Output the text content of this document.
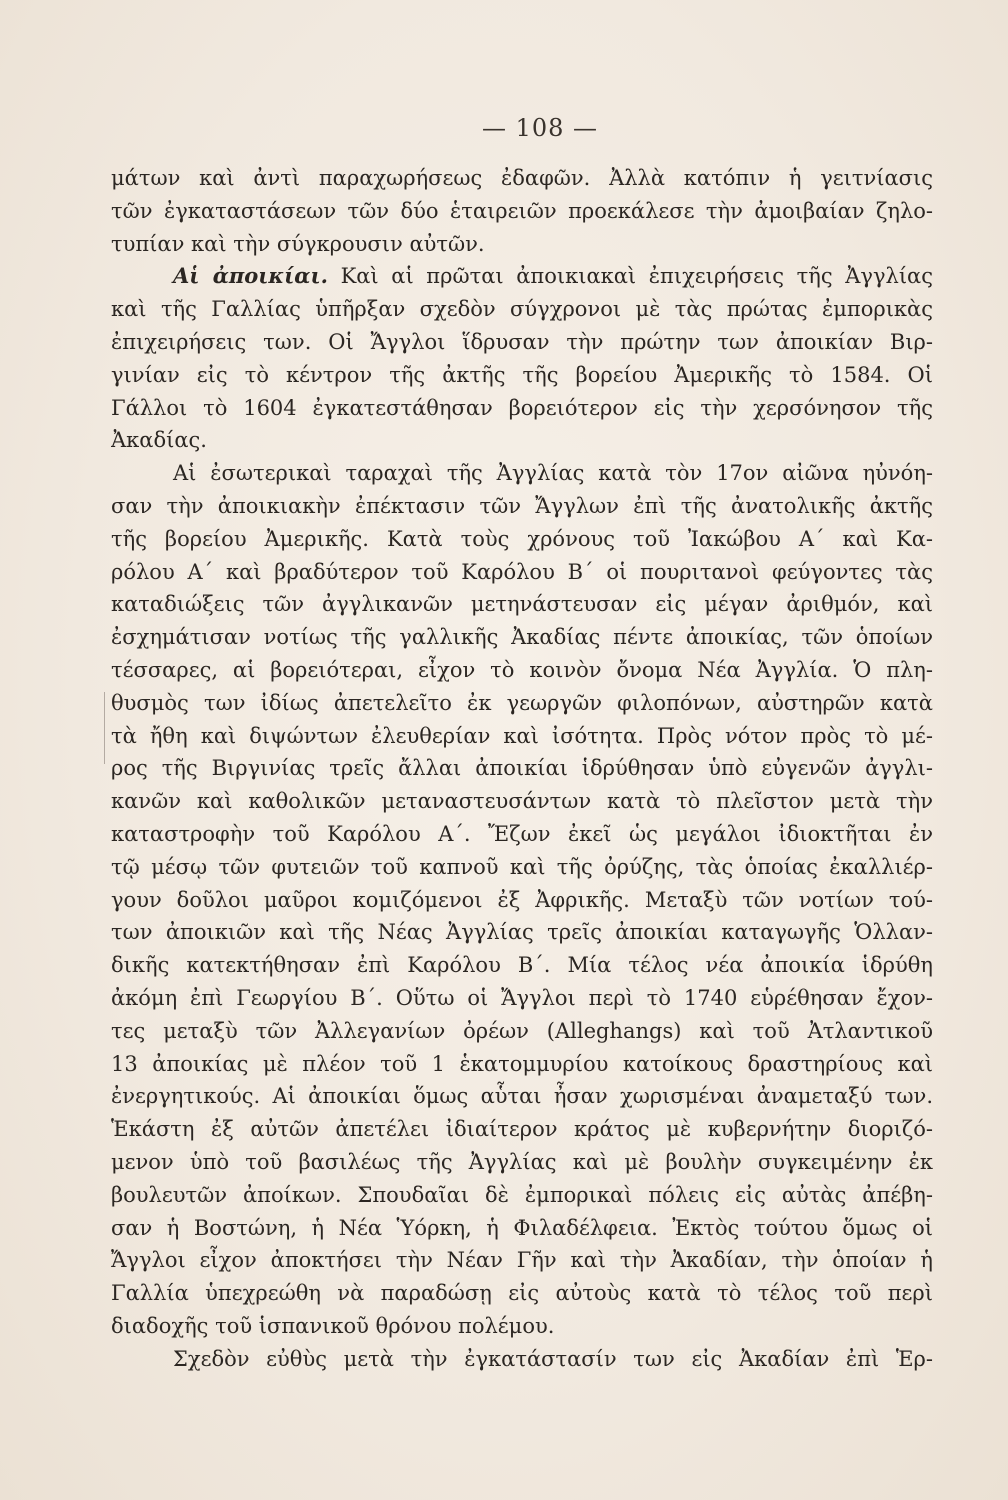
— 108 —
μάτων καὶ ἀντὶ παραχωρήσεως ἐδαφῶν. Ἀλλὰ κατόπιν ἡ γειτνίασις
τῶν ἐγκαταστάσεων τῶν δύο ἑταιρειῶν προεκάλεσε τὴν ἀμοιβαίαν ζηλο-
τυπίαν καὶ τὴν σύγκρουσιν αὐτῶν.
Αἱ ἀποικίαι. Καὶ αἱ πρῶται ἀποικιακαὶ ἐπιχειρήσεις τῆς Ἀγγλίας
καὶ τῆς Γαλλίας ὑπῆρξαν σχεδὸν σύγχρονοι μὲ τὰς πρώτας ἐμπορικὰς
ἐπιχειρήσεις των. Οἱ Ἄγγλοι ἵδρυσαν τὴν πρώτην των ἀποικίαν Βιρ-
γινίαν εἰς τὸ κέντρον τῆς ἀκτῆς τῆς βορείου Ἀμερικῆς τὸ 1584. Οἱ
Γάλλοι τὸ 1604 ἐγκατεστάθησαν βορειότερον εἰς τὴν χερσόνησον τῆς
Ἀκαδίας.
Αἱ ἐσωτερικαὶ ταραχαὶ τῆς Ἀγγλίας κατὰ τὸν 17ον αἰῶνα ηὐνόη-
σαν τὴν ἀποικιακὴν ἐπέκτασιν τῶν Ἄγγλων ἐπὶ τῆς ἀνατολικῆς ἀκτῆς
τῆς βορείου Ἀμερικῆς. Κατὰ τοὺς χρόνους τοῦ Ἰακώβου Α΄ καὶ Κα-
ρόλου Α΄ καὶ βραδύτερον τοῦ Καρόλου Β΄ οἱ πουριτανοὶ φεύγοντες τὰς
καταδιώξεις τῶν ἀγγλικανῶν μετηνάστευσαν εἰς μέγαν ἀριθμόν, καὶ
ἐσχημάτισαν νοτίως τῆς γαλλικῆς Ἀκαδίας πέντε ἀποικίας, τῶν ὁποίων
τέσσαρες, αἱ βορειότεραι, εἶχον τὸ κοινὸν ὄνομα Νέα Ἀγγλία. Ὁ πλη-
θυσμὸς των ἰδίως ἀπετελεῖτο ἐκ γεωργῶν φιλοπόνων, αὐστηρῶν κατὰ
τὰ ἤθη καὶ διψώντων ἐλευθερίαν καὶ ἰσότητα. Πρὸς νότον πρὸς τὸ μέ-
ρος τῆς Βιργινίας τρεῖς ἄλλαι ἀποικίαι ἱδρύθησαν ὑπὸ εὐγενῶν ἀγγλι-
κανῶν καὶ καθολικῶν μεταναστευσάντων κατὰ τὸ πλεῖστον μετὰ τὴν
καταστροφὴν τοῦ Καρόλου Α΄. Ἔζων ἐκεῖ ὡς μεγάλοι ἰδιοκτῆται ἐν
τῷ μέσῳ τῶν φυτειῶν τοῦ καπνοῦ καὶ τῆς ὀρύζης, τὰς ὁποίας ἐκαλλιέρ-
γουν δοῦλοι μαῦροι κομιζόμενοι ἐξ Ἀφρικῆς. Μεταξὺ τῶν νοτίων τού-
των ἀποικιῶν καὶ τῆς Νέας Ἀγγλίας τρεῖς ἀποικίαι καταγωγῆς Ὁλλαν-
δικῆς κατεκτήθησαν ἐπὶ Καρόλου Β΄. Μία τέλος νέα ἀποικία ἱδρύθη
ἀκόμη ἐπὶ Γεωργίου Β΄. Οὕτω οἱ Ἄγγλοι περὶ τὸ 1740 εὑρέθησαν ἔχον-
τες μεταξὺ τῶν Ἀλλεγανίων ὀρέων (Alleghangs) καὶ τοῦ Ἀτλαντικοῦ
13 ἀποικίας μὲ πλέον τοῦ 1 ἑκατομμυρίου κατοίκους δραστηρίους καὶ
ἐνεργητικούς. Αἱ ἀποικίαι ὅμως αὗται ἦσαν χωρισμέναι ἀναμεταξύ των.
Ἑκάστη ἐξ αὐτῶν ἀπετέλει ἰδιαίτερον κράτος μὲ κυβερνήτην διοριζό-
μενον ὑπὸ τοῦ βασιλέως τῆς Ἀγγλίας καὶ μὲ βουλὴν συγκειμένην ἐκ
βουλευτῶν ἀποίκων. Σπουδαῖαι δὲ ἐμπορικαὶ πόλεις εἰς αὐτὰς ἀπέβη-
σαν ἡ Βοστώνη, ἡ Νέα Ὑόρκη, ἡ Φιλαδέλφεια. Ἐκτὸς τούτου ὅμως οἱ
Ἄγγλοι εἶχον ἀποκτήσει τὴν Νέαν Γῆν καὶ τὴν Ἀκαδίαν, τὴν ὁποίαν ἡ
Γαλλία ὑπεχρεώθη νὰ παραδώσῃ εἰς αὐτοὺς κατὰ τὸ τέλος τοῦ περὶ
διαδοχῆς τοῦ ἱσπανικοῦ θρόνου πολέμου.
Σχεδὸν εὐθὺς μετὰ τὴν ἐγκατάστασίν των εἰς Ἀκαδίαν ἐπὶ Ἑρ-
